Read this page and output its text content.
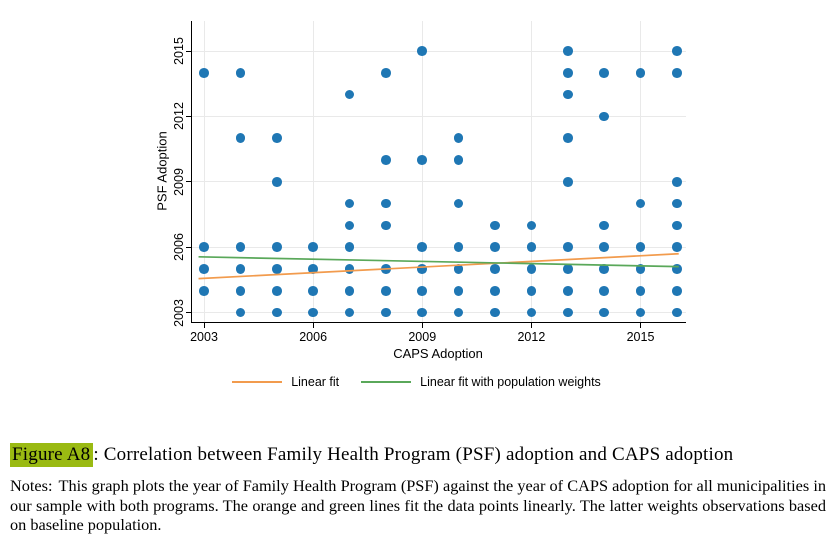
PSF Adoption
2003	2006	2009	2012	2015
2003
2006
2009
2012
2015
CAPS Adoption
Linear fit	Linear fit with population weights

Figure A8 : Correlation between Family Health Program (PSF) adoption and CAPS adoption

Notes: This graph plots the year of Family Health Program (PSF) against the year of CAPS adoption for all municipalities in our sample with both programs. The orange and green lines fit the data points linearly. The latter weights observations based on baseline population.
